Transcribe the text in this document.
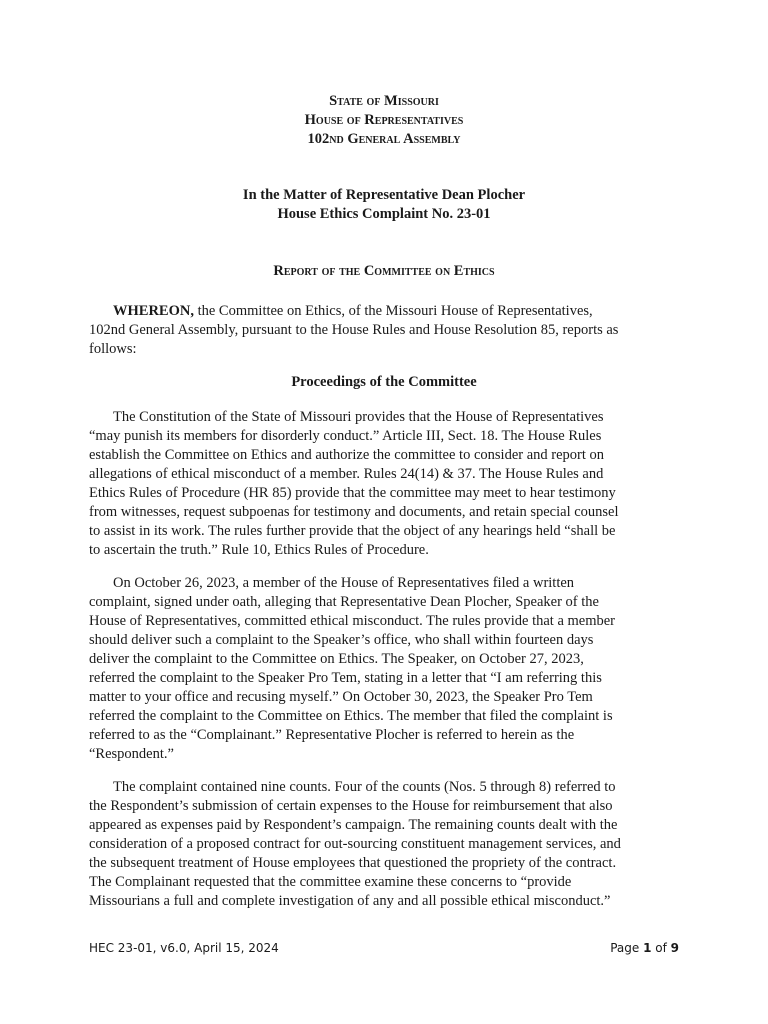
State of Missouri
House of Representatives
102nd General Assembly
In the Matter of Representative Dean Plocher
House Ethics Complaint No. 23-01
Report of the Committee on Ethics
WHEREON, the Committee on Ethics, of the Missouri House of Representatives,
102nd General Assembly, pursuant to the House Rules and House Resolution 85, reports as
follows:
Proceedings of the Committee
The Constitution of the State of Missouri provides that the House of Representatives
“may punish its members for disorderly conduct.” Article III, Sect. 18. The House Rules
establish the Committee on Ethics and authorize the committee to consider and report on
allegations of ethical misconduct of a member. Rules 24(14) & 37. The House Rules and
Ethics Rules of Procedure (HR 85) provide that the committee may meet to hear testimony
from witnesses, request subpoenas for testimony and documents, and retain special counsel
to assist in its work. The rules further provide that the object of any hearings held “shall be
to ascertain the truth.” Rule 10, Ethics Rules of Procedure.
On October 26, 2023, a member of the House of Representatives filed a written
complaint, signed under oath, alleging that Representative Dean Plocher, Speaker of the
House of Representatives, committed ethical misconduct. The rules provide that a member
should deliver such a complaint to the Speaker’s office, who shall within fourteen days
deliver the complaint to the Committee on Ethics. The Speaker, on October 27, 2023,
referred the complaint to the Speaker Pro Tem, stating in a letter that “I am referring this
matter to your office and recusing myself.” On October 30, 2023, the Speaker Pro Tem
referred the complaint to the Committee on Ethics. The member that filed the complaint is
referred to as the “Complainant.” Representative Plocher is referred to herein as the
“Respondent.”
The complaint contained nine counts. Four of the counts (Nos. 5 through 8) referred to
the Respondent’s submission of certain expenses to the House for reimbursement that also
appeared as expenses paid by Respondent’s campaign. The remaining counts dealt with the
consideration of a proposed contract for out-sourcing constituent management services, and
the subsequent treatment of House employees that questioned the propriety of the contract.
The Complainant requested that the committee examine these concerns to “provide
Missourians a full and complete investigation of any and all possible ethical misconduct.”
HEC 23-01, v6.0, April 15, 2024	Page 1 of 9
